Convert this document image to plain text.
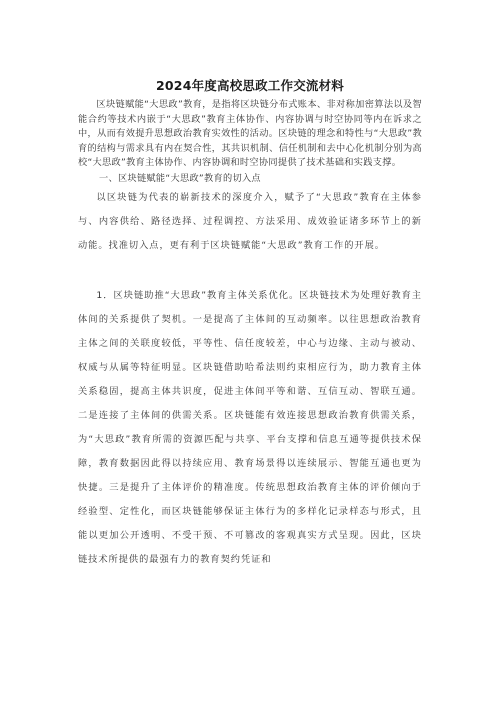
2024年度高校思政工作交流材料

区块链赋能“大思政”教育，是指将区块链分布式账本、非对称加密算法以及智能合约等技术内嵌于“大思政”教育主体协作、内容协调与时空协同等内在诉求之中，从而有效提升思想政治教育实效性的活动。区块链的理念和特性与“大思政”教育的结构与需求具有内在契合性，其共识机制、信任机制和去中心化机制分别为高校“大思政”教育主体协作、内容协调和时空协同提供了技术基础和实践支撑。

一、区块链赋能“大思政”教育的切入点

以区块链为代表的崭新技术的深度介入，赋予了“大思政”教育在主体参与、内容供给、路径选择、过程调控、方法采用、成效验证诸多环节上的新动能。找准切入点，更有利于区块链赋能“大思政”教育工作的开展。

1．区块链助推“大思政”教育主体关系优化。区块链技术为处理好教育主体间的关系提供了契机。一是提高了主体间的互动频率。以往思想政治教育主体之间的关联度较低，平等性、信任度较差，中心与边缘、主动与被动、权威与从属等特征明显。区块链借助哈希法则约束相应行为，助力教育主体关系稳固，提高主体共识度，促进主体间平等和谐、互信互动、智联互通。二是连接了主体间的供需关系。区块链能有效连接思想政治教育供需关系，为“大思政”教育所需的资源匹配与共享、平台支撑和信息互通等提供技术保障，教育数据因此得以持续应用、教育场景得以连续展示、智能互通也更为快捷。三是提升了主体评价的精准度。传统思想政治教育主体的评价倾向于经验型、定性化，而区块链能够保证主体行为的多样化记录样态与形式，且能以更加公开透明、不受干预、不可篡改的客观真实方式呈现。因此，区块链技术所提供的最强有力的教育契约凭证和
